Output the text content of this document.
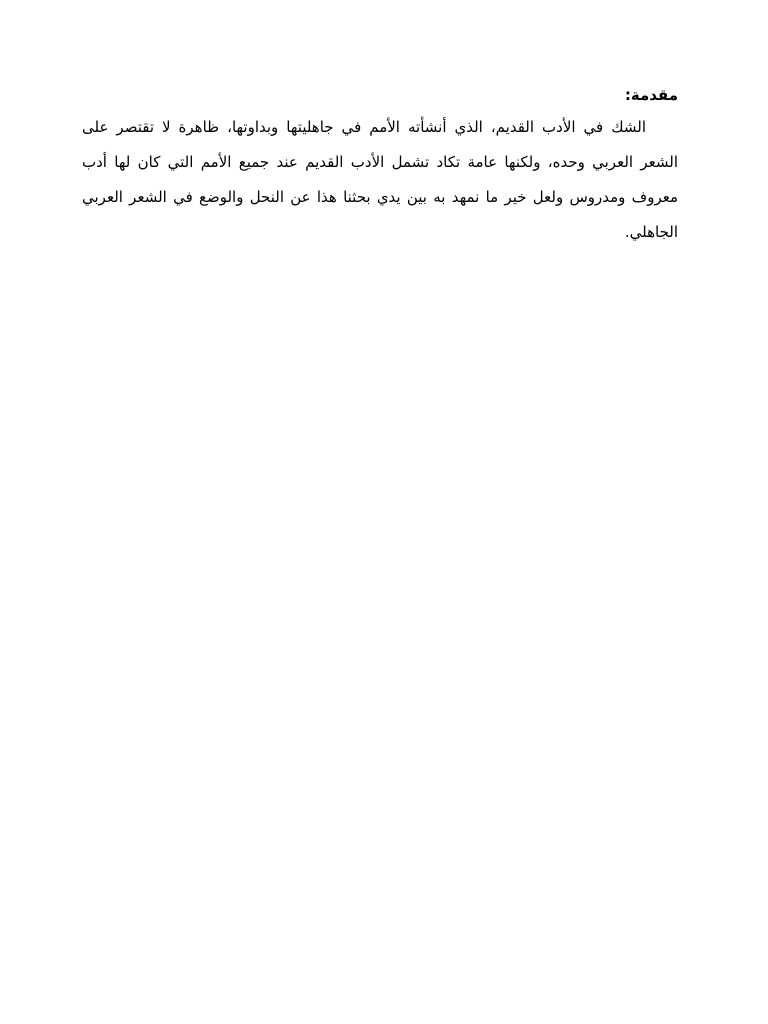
مقدمة:

الشك في الأدب القديم، الذي أنشأته الأمم في جاهليتها وبداوتها، ظاهرة لا تقتصر على الشعر العربي وحده، ولكنها عامة تكاد تشمل الأدب القديم عند جميع الأمم التي كان لها أدب معروف ومدروس ولعل خير ما نمهد به بين يدي بحثنا هذا عن النحل والوضع في الشعر العربي الجاهلي.
